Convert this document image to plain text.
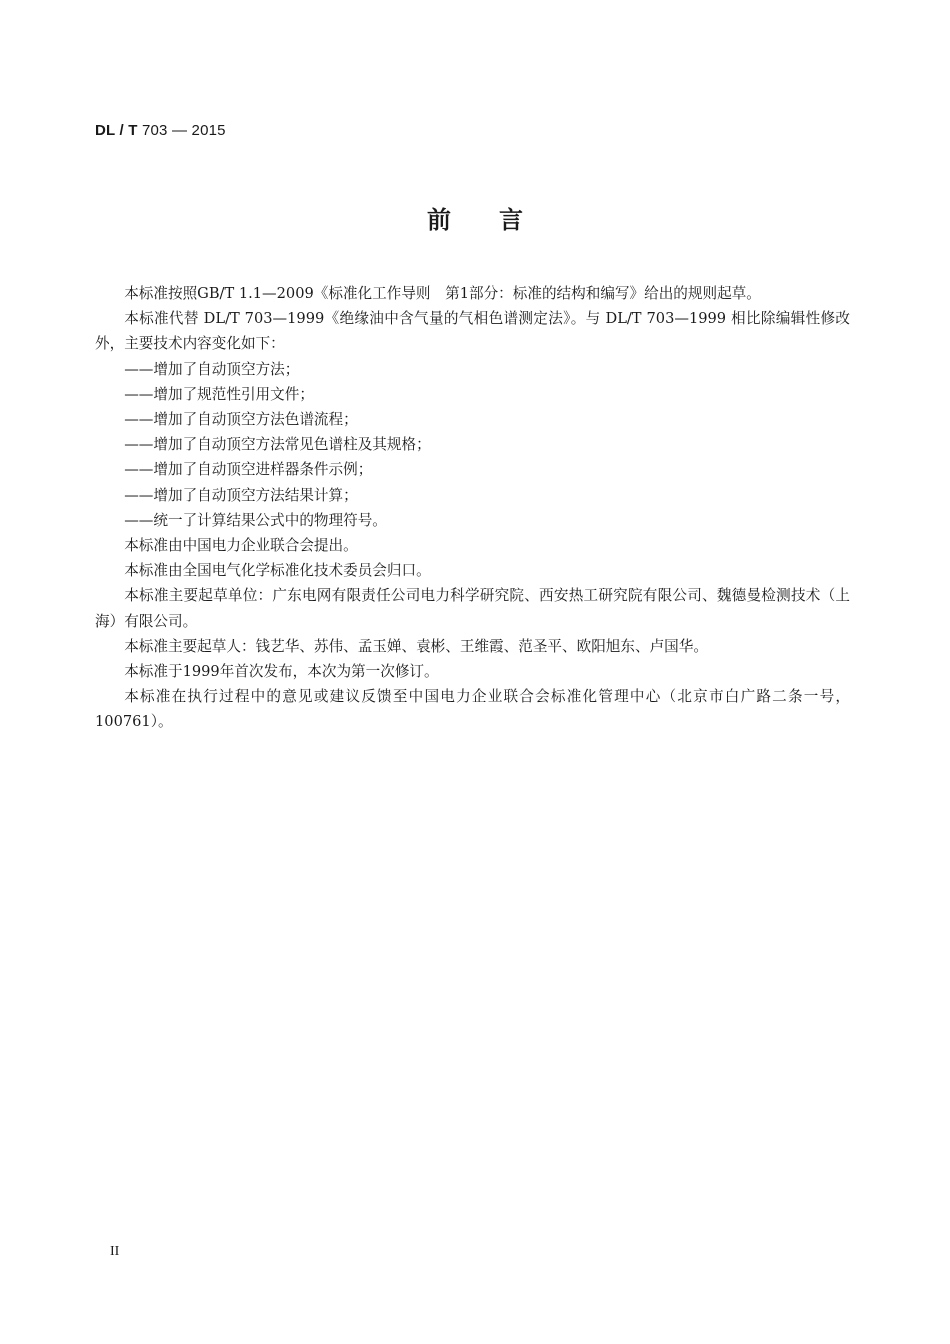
DL / T 703 — 2015
前言

本标准按照GB/T 1.1—2009《标准化工作导则　第1部分：标准的结构和编写》给出的规则起草。

本标准代替 DL/T 703—1999《绝缘油中含气量的气相色谱测定法》。与 DL/T 703—1999 相比除编辑性修改外，主要技术内容变化如下：

——增加了自动顶空方法；

——增加了规范性引用文件；

——增加了自动顶空方法色谱流程；

——增加了自动顶空方法常见色谱柱及其规格；

——增加了自动顶空进样器条件示例；

——增加了自动顶空方法结果计算；

——统一了计算结果公式中的物理符号。

本标准由中国电力企业联合会提出。

本标准由全国电气化学标准化技术委员会归口。

本标准主要起草单位：广东电网有限责任公司电力科学研究院、西安热工研究院有限公司、魏德曼检测技术（上海）有限公司。

本标准主要起草人：钱艺华、苏伟、孟玉婵、袁彬、王维霞、范圣平、欧阳旭东、卢国华。

本标准于1999年首次发布，本次为第一次修订。

本标准在执行过程中的意见或建议反馈至中国电力企业联合会标准化管理中心（北京市白广路二条一号，100761）。

II
